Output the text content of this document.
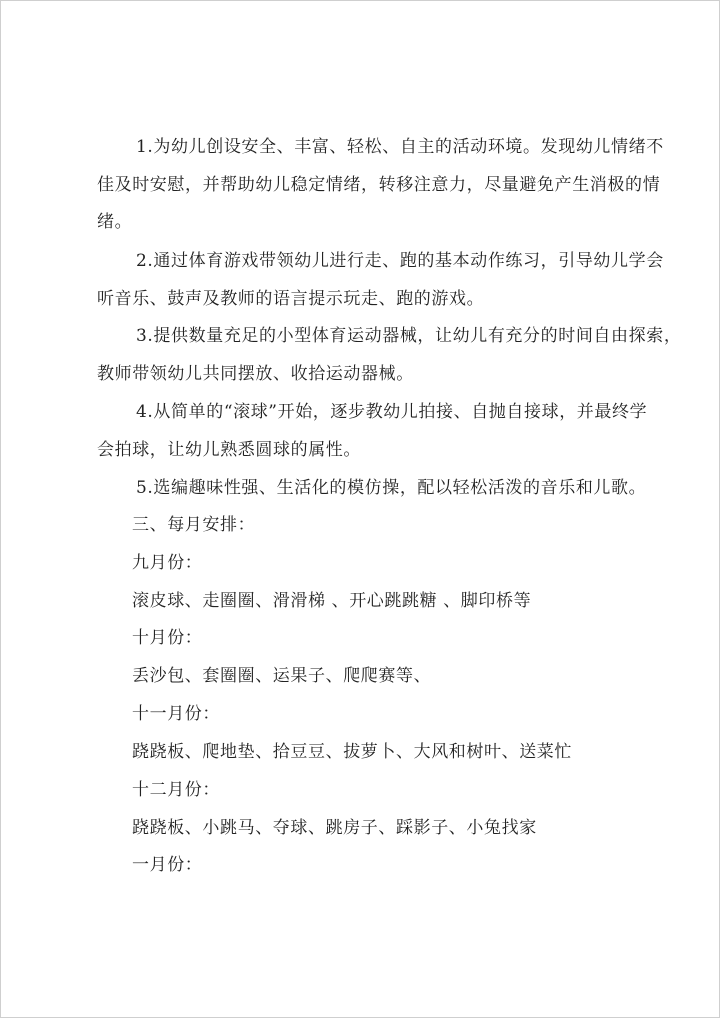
1.为幼儿创设安全、丰富、轻松、自主的活动环境。发现幼儿情绪不
佳及时安慰，并帮助幼儿稳定情绪，转移注意力，尽量避免产生消极的情
绪。
2.通过体育游戏带领幼儿进行走、跑的基本动作练习，引导幼儿学会
听音乐、鼓声及教师的语言提示玩走、跑的游戏。
3.提供数量充足的小型体育运动器械，让幼儿有充分的时间自由探索，
教师带领幼儿共同摆放、收拾运动器械。
4.从简单的“滚球”开始，逐步教幼儿拍接、自抛自接球，并最终学
会拍球，让幼儿熟悉圆球的属性。
5.选编趣味性强、生活化的模仿操，配以轻松活泼的音乐和儿歌。
三、每月安排：
九月份：
滚皮球、走圈圈、滑滑梯 、开心跳跳糖 、脚印桥等
十月份：
丢沙包、套圈圈、运果子、爬爬赛等、
十一月份：
跷跷板、爬地垫、拾豆豆、拔萝卜、大风和树叶、送菜忙
十二月份：
跷跷板、小跳马、夺球、跳房子、踩影子、小兔找家
一月份：
